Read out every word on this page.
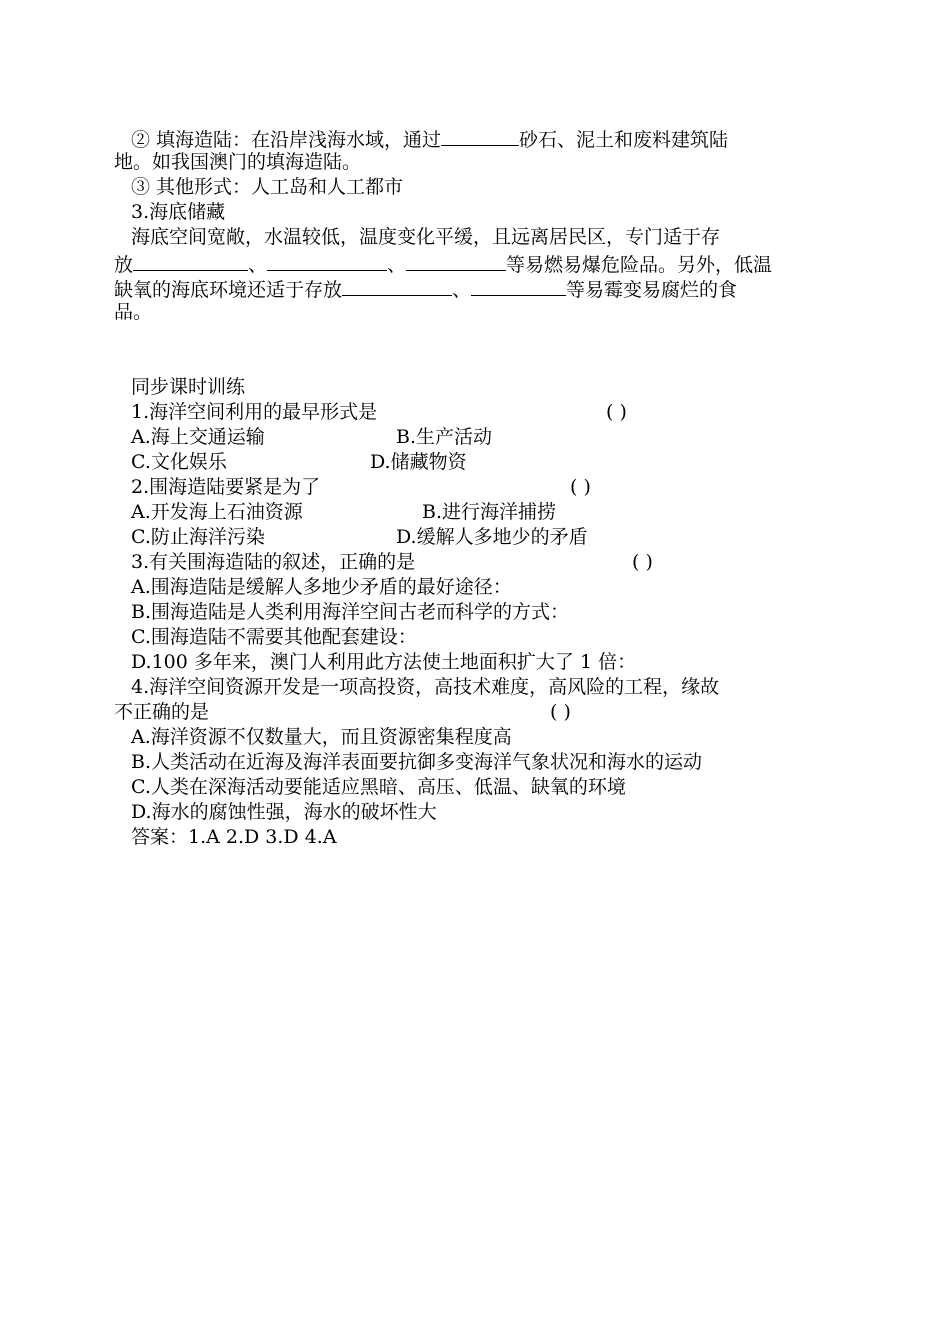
② 填海造陆：在沿岸浅海水域，通过	砂石、泥土和废料建筑陆
地。如我国澳门的填海造陆。
③ 其他形式：人工岛和人工都市
3.海底储藏
海底空间宽敞，水温较低，温度变化平缓，且远离居民区，专门适于存
放	、	、	等易燃易爆危险品。另外，低温
缺氧的海底环境还适于存放	、	等易霉变易腐烂的食
品。
同步课时训练
1.海洋空间利用的最早形式是	( )
A.海上交通运输	B.生产活动
C.文化娱乐	D.储藏物资
2.围海造陆要紧是为了	( )
A.开发海上石油资源	B.进行海洋捕捞
C.防止海洋污染	D.缓解人多地少的矛盾
3.有关围海造陆的叙述，正确的是	( )
A.围海造陆是缓解人多地少矛盾的最好途径：
B.围海造陆是人类利用海洋空间古老而科学的方式：
C.围海造陆不需要其他配套建设：
D.100 多年来，澳门人利用此方法使土地面积扩大了 1 倍：
4.海洋空间资源开发是一项高投资，高技术难度，高风险的工程，缘故
不正确的是	( )
A.海洋资源不仅数量大，而且资源密集程度高
B.人类活动在近海及海洋表面要抗御多变海洋气象状况和海水的运动
C.人类在深海活动要能适应黑暗、高压、低温、缺氧的环境
D.海水的腐蚀性强，海水的破坏性大
答案：1.A 2.D 3.D 4.A
